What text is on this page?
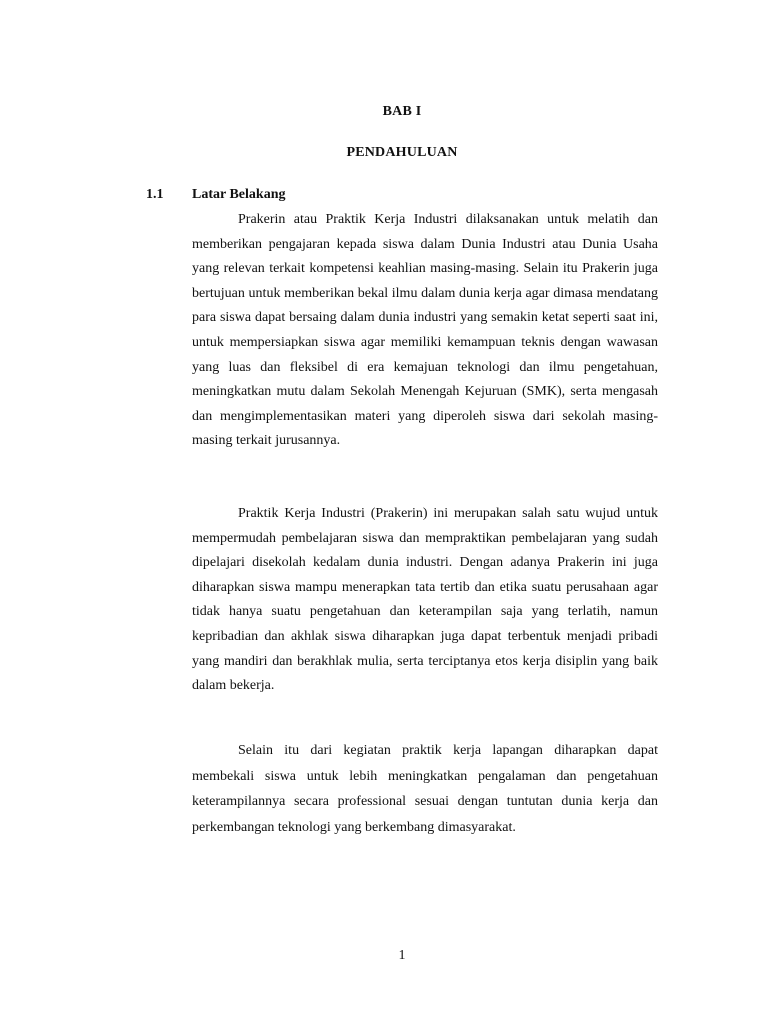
BAB I
PENDAHULUAN
1.1 Latar Belakang

Prakerin atau Praktik Kerja Industri dilaksanakan untuk melatih dan memberikan pengajaran kepada siswa dalam Dunia Industri atau Dunia Usaha yang relevan terkait kompetensi keahlian masing-masing. Selain itu Prakerin juga bertujuan untuk memberikan bekal ilmu dalam dunia kerja agar dimasa mendatang para siswa dapat bersaing dalam dunia industri yang semakin ketat seperti saat ini, untuk mempersiapkan siswa agar memiliki kemampuan teknis dengan wawasan yang luas dan fleksibel di era kemajuan teknologi dan ilmu pengetahuan, meningkatkan mutu dalam Sekolah Menengah Kejuruan (SMK), serta mengasah dan mengimplementasikan materi yang diperoleh siswa dari sekolah masing-masing terkait jurusannya.

Praktik Kerja Industri (Prakerin) ini merupakan salah satu wujud untuk mempermudah pembelajaran siswa dan mempraktikan pembelajaran yang sudah dipelajari disekolah kedalam dunia industri. Dengan adanya Prakerin ini juga diharapkan siswa mampu menerapkan tata tertib dan etika suatu perusahaan agar tidak hanya suatu pengetahuan dan keterampilan saja yang terlatih, namun kepribadian dan akhlak siswa diharapkan juga dapat terbentuk menjadi pribadi yang mandiri dan berakhlak mulia, serta terciptanya etos kerja disiplin yang baik dalam bekerja.

Selain itu dari kegiatan praktik kerja lapangan diharapkan dapat membekali siswa untuk lebih meningkatkan pengalaman dan pengetahuan keterampilannya secara professional sesuai dengan tuntutan dunia kerja dan perkembangan teknologi yang berkembang dimasyarakat.

1
